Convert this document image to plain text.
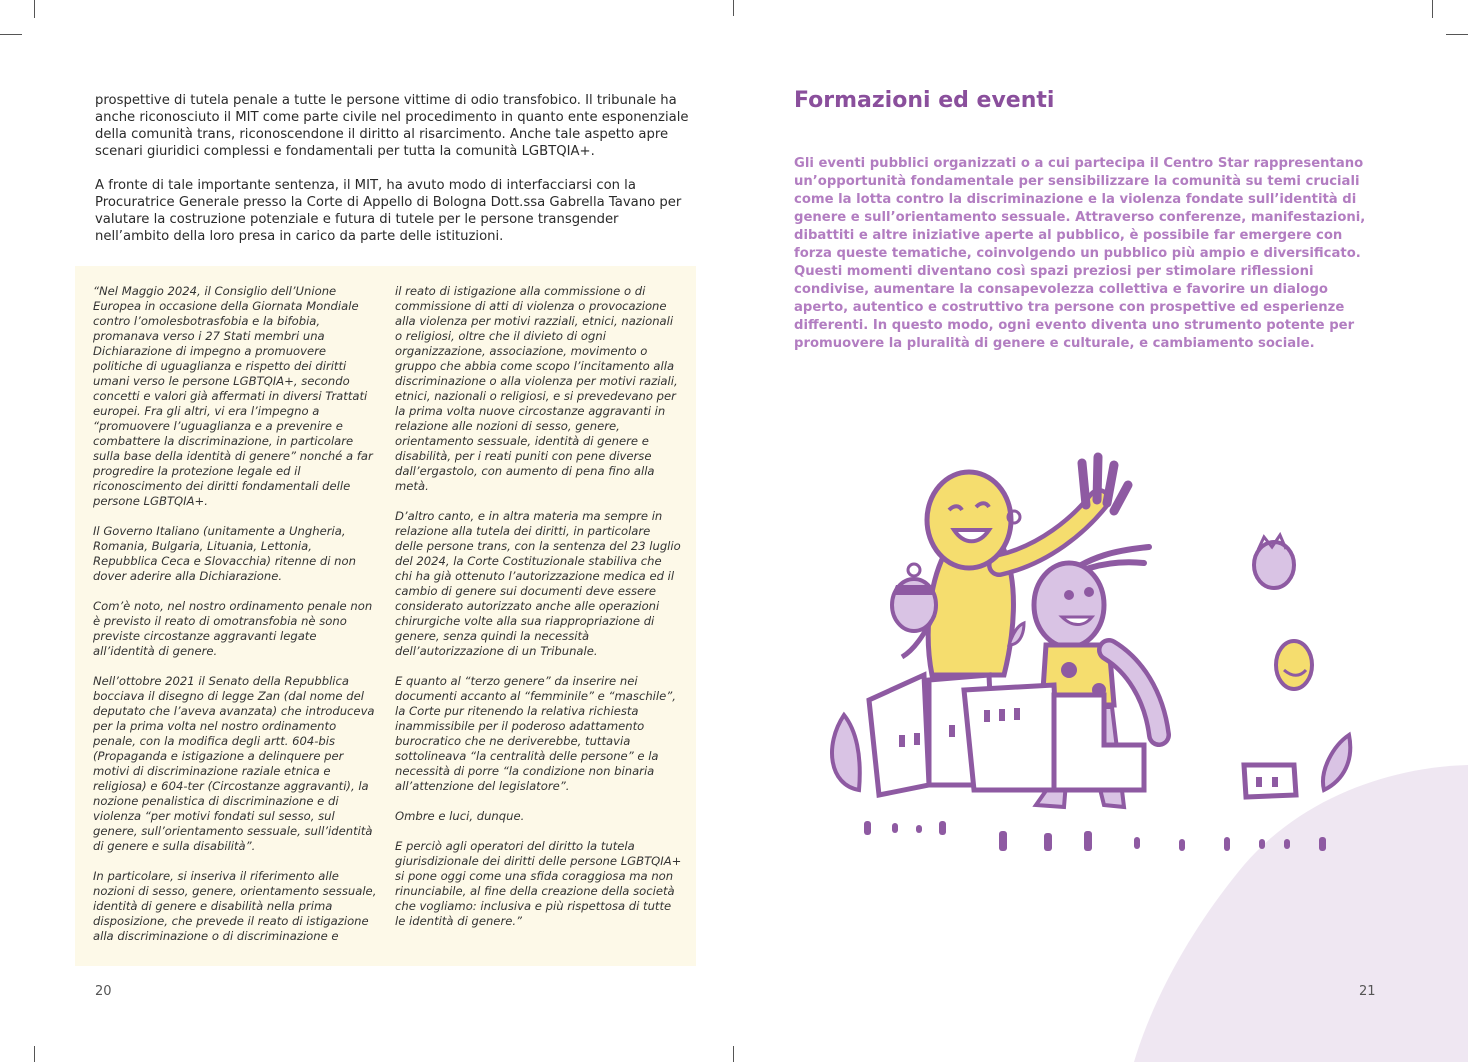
prospettive di tutela penale a tutte le persone vittime di odio transfobico. Il tribunale ha anche riconosciuto il MIT come parte civile nel procedimento in quanto ente esponenziale della comunità trans, riconoscendone il diritto al risarcimento. Anche tale aspetto apre scenari giuridici complessi e fondamentali per tutta la comunità LGBTQIA+.

A fronte di tale importante sentenza, il MIT, ha avuto modo di interfacciarsi con la Procuratrice Generale presso la Corte di Appello di Bologna Dott.ssa Gabrella Tavano per valutare la costruzione potenziale e futura di tutele per le persone transgender nell’ambito della loro presa in carico da parte delle istituzioni.

“Nel Maggio 2024, il Consiglio dell’Unione Europea in occasione della Giornata Mondiale contro l’omolesbotrasfobia e la bifobia, promanava verso i 27 Stati membri una Dichiarazione di impegno a promuovere politiche di uguaglianza e rispetto dei diritti umani verso le persone LGBTQIA+, secondo concetti e valori già affermati in diversi Trattati europei. Fra gli altri, vi era l’impegno a “promuovere l’uguaglianza e a prevenire e combattere la discriminazione, in particolare sulla base della identità di genere” nonché a far progredire la protezione legale ed il riconoscimento dei diritti fondamentali delle persone LGBTQIA+.

Il Governo Italiano (unitamente a Ungheria, Romania, Bulgaria, Lituania, Lettonia, Repubblica Ceca e Slovacchia) ritenne di non dover aderire alla Dichiarazione.

Com’è noto, nel nostro ordinamento penale non è previsto il reato di omotransfobia nè sono previste circostanze aggravanti legate all’identità di genere.

Nell’ottobre 2021 il Senato della Repubblica bocciava il disegno di legge Zan (dal nome del deputato che l’aveva avanzata) che introduceva per la prima volta nel nostro ordinamento penale, con la modifica degli artt. 604-bis (Propaganda e istigazione a delinquere per motivi di discriminazione raziale etnica e religiosa) e 604-ter (Circostanze aggravanti), la nozione penalistica di discriminazione e di violenza “per motivi fondati sul sesso, sul genere, sull’orientamento sessuale, sull’identità di genere e sulla disabilità”.

In particolare, si inseriva il riferimento alle nozioni di sesso, genere, orientamento sessuale, identità di genere e disabilità nella prima disposizione, che prevede il reato di istigazione alla discriminazione o di discriminazione e

il reato di istigazione alla commissione o di commissione di atti di violenza o provocazione alla violenza per motivi razziali, etnici, nazionali o religiosi, oltre che il divieto di ogni organizzazione, associazione, movimento o gruppo che abbia come scopo l’incitamento alla discriminazione o alla violenza per motivi raziali, etnici, nazionali o religiosi, e si prevedevano per la prima volta nuove circostanze aggravanti in relazione alle nozioni di sesso, genere, orientamento sessuale, identità di genere e disabilità, per i reati puniti con pene diverse dall’ergastolo, con aumento di pena fino alla metà.

D’altro canto, e in altra materia ma sempre in relazione alla tutela dei diritti, in particolare delle persone trans, con la sentenza del 23 luglio del 2024, la Corte Costituzionale stabiliva che chi ha già ottenuto l’autorizzazione medica ed il cambio di genere sui documenti deve essere considerato autorizzato anche alle operazioni chirurgiche volte alla sua riappropriazione di genere, senza quindi la necessità dell’autorizzazione di un Tribunale.

E quanto al “terzo genere” da inserire nei documenti accanto al “femminile” e “maschile”, la Corte pur ritenendo la relativa richiesta inammissibile per il poderoso adattamento burocratico che ne deriverebbe, tuttavia sottolineava “la centralità delle persone” e la necessità di porre “la condizione non binaria all’attenzione del legislatore”.

Ombre e luci, dunque.

E perciò agli operatori del diritto la tutela giurisdizionale dei diritti delle persone LGBTQIA+ si pone oggi come una sfida coraggiosa ma non rinunciabile, al fine della creazione della società che vogliamo: inclusiva e più rispettosa di tutte le identità di genere.”

20
Formazioni ed eventi

Gli eventi pubblici organizzati o a cui partecipa il Centro Star rappresentano un’opportunità fondamentale per sensibilizzare la comunità su temi cruciali come la lotta contro la discriminazione e la violenza fondate sull’identità di genere e sull’orientamento sessuale. Attraverso conferenze, manifestazioni, dibattiti e altre iniziative aperte al pubblico, è possibile far emergere con forza queste tematiche, coinvolgendo un pubblico più ampio e diversificato. Questi momenti diventano così spazi preziosi per stimolare riflessioni condivise, aumentare la consapevolezza collettiva e favorire un dialogo aperto, autentico e costruttivo tra persone con prospettive ed esperienze differenti. In questo modo, ogni evento diventa uno strumento potente per promuovere la pluralità di genere e culturale, e cambiamento sociale.

21
